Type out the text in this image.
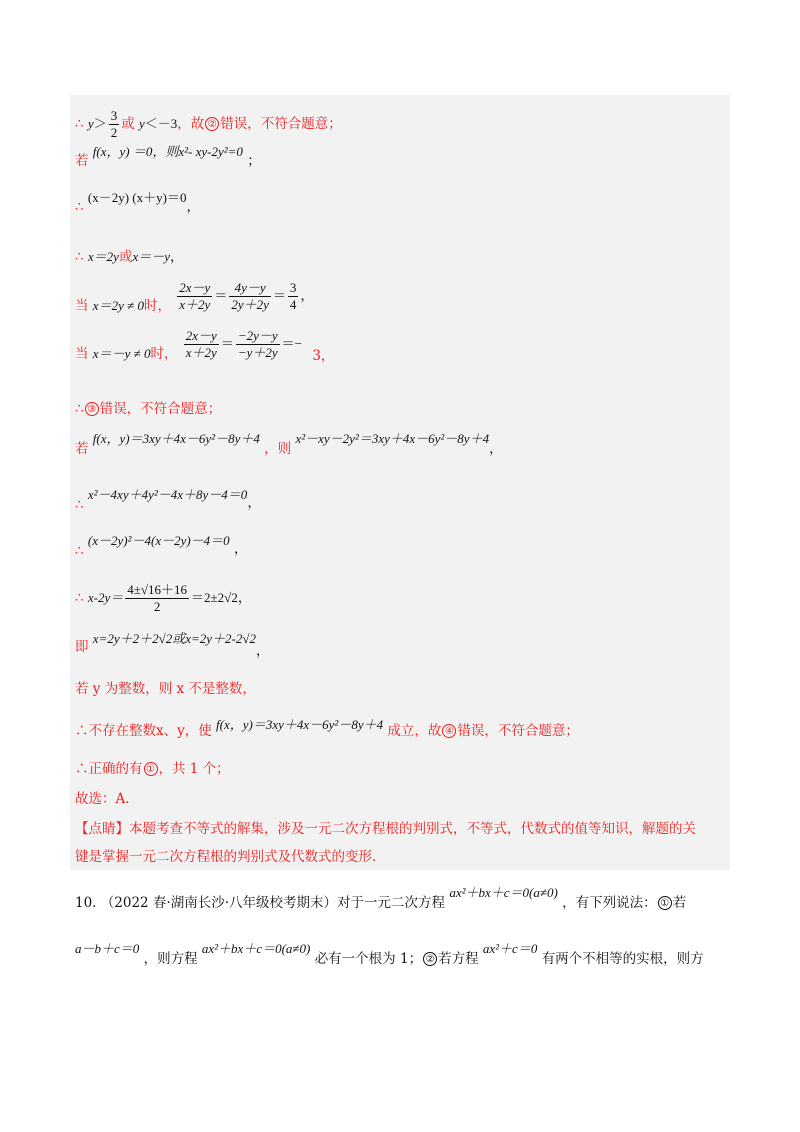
∴ $y> \frac{3}{2}$ 或 y＜－3，故 ② 错误，不符合题意；
若 f(x，y) ＝0，则x²- xy-2y²=0 ；
∴ (x－2y) (x＋y)＝0，
∴ x＝2y或x＝－y，
当 x＝2y ≠ 0时， $\frac{2x-y}{x+2y} = \frac{4y-y}{2y+2y} = \frac{3}{4}$ ，
当 x＝－y ≠ 0时， $\frac{2x-y}{x+2y} = \frac{-2y-y}{-y+2y} =- 3$，
∴ ③ 错误，不符合题意；
若 f(x，y)＝3xy＋4x－6y²－8y＋4 ，则 x²－xy－2y²＝3xy＋4x－6y²－8y＋4，
∴ x²－4xy＋4y²－4x＋8y－4＝0，
∴ (x－2y)²－4(x－2y)－4＝0 ，
∴ $x-2y= \frac{4\pm√16+16}{2} =2\pm 2√2$，
即 x=2y＋2＋2√2或x=2y＋2-2√2，
若 y 为整数，则 x 不是整数，
∴不存在整数x、y，使 f(x，y)＝3xy＋4x－6y²－8y＋4 成立，故 ④ 错误，不符合题意；
∴正确的有 ① ，共 1 个；
故选：A.
【点睛】本题考查不等式的解集，涉及一元二次方程根的判别式，不等式，代数式的值等知识，解题的关
键是掌握一元二次方程根的判别式及代数式的变形.
10. （2022 春·湖南长沙·八年级校考期末）对于一元二次方程 ax²＋bx＋c＝0(a≠0) ，有下列说法： ① 若
a－b＋c＝0 ，则方程 ax²＋bx＋c＝0(a≠0) 必有一个根为 1； ② 若方程 ax²＋c＝0 有两个不相等的实根，则方
